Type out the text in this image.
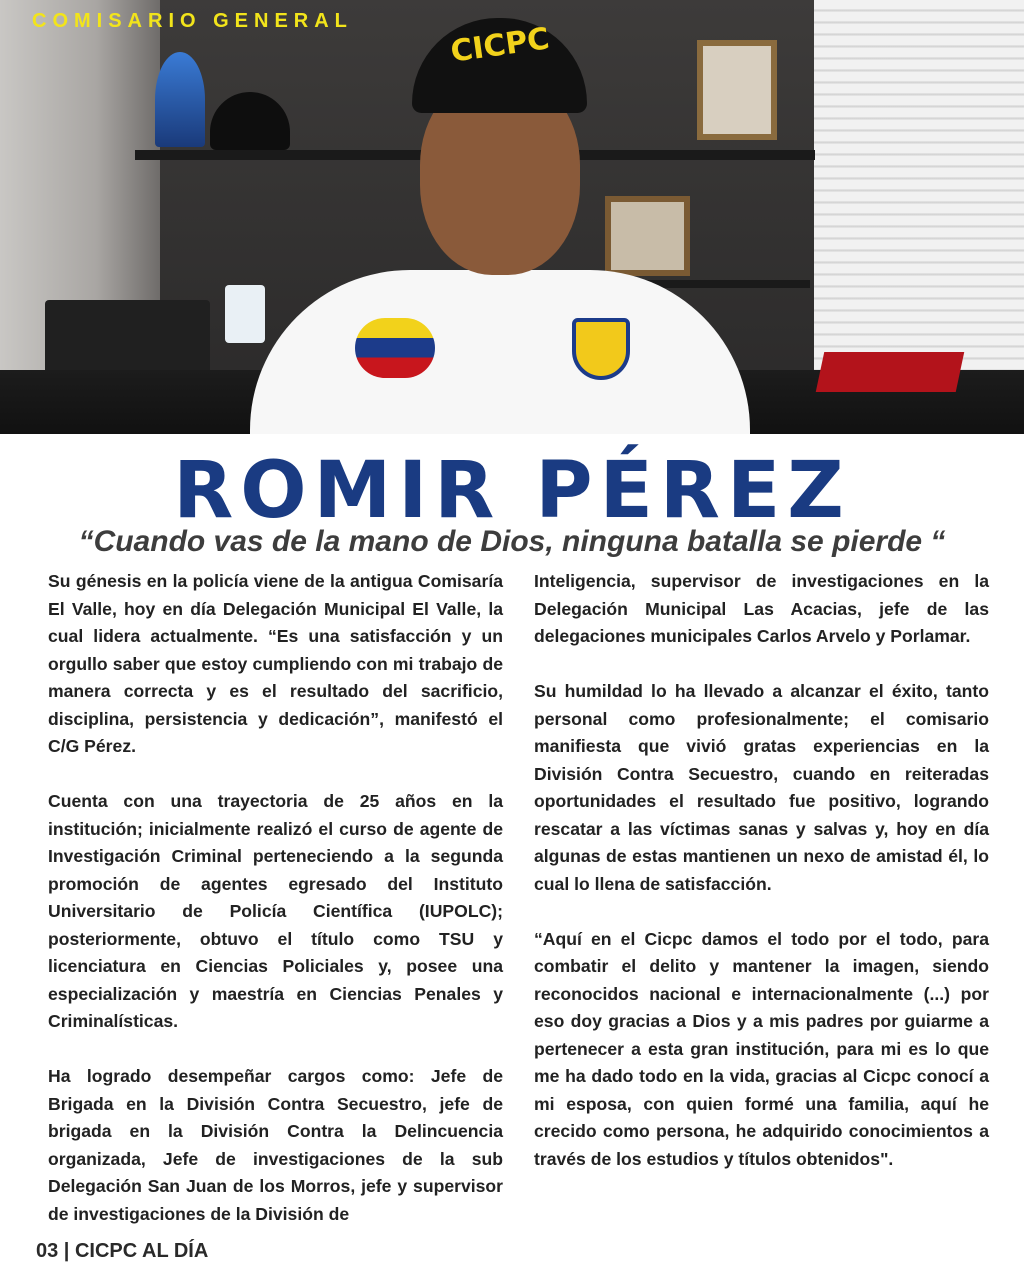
CICPC

COMISARIO GENERAL

ROMIR PÉREZ

“Cuando vas de la mano de Dios, ninguna batalla se pierde “

Su génesis en la policía viene de la antigua Comisaría El Valle, hoy en día Delegación Municipal El Valle, la cual lidera actualmente. “Es una satisfacción y un orgullo saber que estoy cumpliendo con mi trabajo de manera correcta y es el resultado del sacrificio, disciplina, persistencia y dedicación”, manifestó el C/G Pérez.

Cuenta con una trayectoria de 25 años en la institución; inicialmente realizó el curso de agente de Investigación Criminal perteneciendo a la segunda promoción de agentes egresado del Instituto Universitario de Policía Científica (IUPOLC); posteriormente, obtuvo el título como TSU y licenciatura en Ciencias Policiales y, posee una especialización y maestría en Ciencias Penales y Criminalísticas.

Ha logrado desempeñar cargos como: Jefe de Brigada en la División Contra Secuestro, jefe de brigada en la División Contra la Delincuencia organizada, Jefe de investigaciones de la sub Delegación San Juan de los Morros, jefe y supervisor de investigaciones de la División de

Inteligencia, supervisor de investigaciones en la Delegación Municipal Las Acacias, jefe de las delegaciones municipales Carlos Arvelo y Porlamar.

Su humildad lo ha llevado a alcanzar el éxito, tanto personal como profesionalmente; el comisario manifiesta que vivió gratas experiencias en la División Contra Secuestro, cuando en reiteradas oportunidades el resultado fue positivo, logrando rescatar a las víctimas sanas y salvas y, hoy en día algunas de estas mantienen un nexo de amistad él, lo cual lo llena de satisfacción.

“Aquí en el Cicpc damos el todo por el todo, para combatir el delito y mantener la imagen, siendo reconocidos nacional e internacionalmente (...) por eso doy gracias a Dios y a mis padres por guiarme a pertenecer a esta gran institución, para mi es lo que me ha dado todo en la vida, gracias al Cicpc conocí a mi esposa, con quien formé una familia, aquí he crecido como persona, he adquirido conocimientos a través de los estudios y títulos obtenidos".

03 | CICPC AL DÍA
